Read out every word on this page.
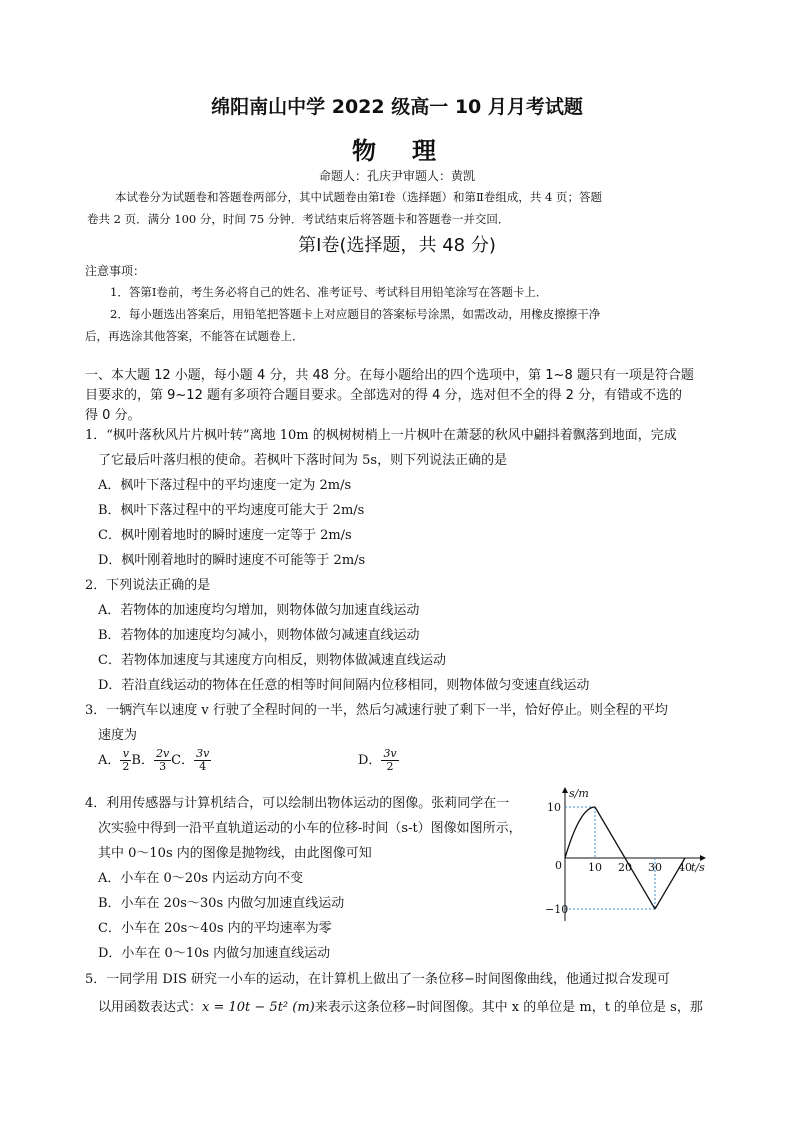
绵阳南山中学 2022 级高一 10 月月考试题
物　理
命题人：孔庆尹审题人：黄凯
本试卷分为试题卷和答题卷两部分，其中试题卷由第Ⅰ卷（选择题）和第Ⅱ卷组成，共 4 页；答题
卷共 2 页．满分 100 分，时间 75 分钟．考试结束后将答题卡和答题卷一并交回．
第Ⅰ卷(选择题，共 48 分)
注意事项：
1．答第Ⅰ卷前，考生务必将自己的姓名、准考证号、考试科目用铅笔涂写在答题卡上．
2．每小题选出答案后，用铅笔把答题卡上对应题目的答案标号涂黑，如需改动，用橡皮擦擦干净
后，再选涂其他答案，不能答在试题卷上．
一、本大题 12 小题，每小题 4 分，共 48 分。在每小题给出的四个选项中，第 1~8 题只有一项是符合题
目要求的，第 9~12 题有多项符合题目要求。全部选对的得 4 分，选对但不全的得 2 分，有错或不选的
得 0 分。
1．“枫叶落秋风片片枫叶转”离地 10m 的枫树树梢上一片枫叶在萧瑟的秋风中翩抖着飘落到地面，完成
了它最后叶落归根的使命。若枫叶下落时间为 5s，则下列说法正确的是
A．枫叶下落过程中的平均速度一定为 2m/s
B．枫叶下落过程中的平均速度可能大于 2m/s
C．枫叶刚着地时的瞬时速度一定等于 2m/s
D．枫叶刚着地时的瞬时速度不可能等于 2m/s
2．下列说法正确的是
A．若物体的加速度均匀增加，则物体做匀加速直线运动
B．若物体的加速度均匀减小，则物体做匀减速直线运动
C．若物体加速度与其速度方向相反，则物体做减速直线运动
D．若沿直线运动的物体在任意的相等时间间隔内位移相同，则物体做匀变速直线运动
3．一辆汽车以速度 v 行驶了全程时间的一半，然后匀减速行驶了剩下一半，恰好停止。则全程的平均
速度为
A． $\frac{v}{2}$ B． $\frac{2v}{3}$ C． $\frac{3v}{4}$	D． $\frac{3v}{2}$
4．利用传感器与计算机结合，可以绘制出物体运动的图像。张莉同学在一
次实验中得到一沿平直轨道运动的小车的位移-时间（s-t）图像如图所示，
其中 0～10s 内的图像是抛物线，由此图像可知
A．小车在 0～20s 内运动方向不变
B．小车在 20s～30s 内做匀加速直线运动
C．小车在 20s～40s 内的平均速率为零
D．小车在 0～10s 内做匀加速直线运动
s/m
t/s
0 10 20 30 40
10
−10
5．一同学用 DIS 研究一小车的运动，在计算机上做出了一条位移−时间图像曲线，他通过拟合发现可
以用函数表达式：x = 10t − 5t² (m)来表示这条位移−时间图像。其中 x 的单位是 m，t 的单位是 s，那
